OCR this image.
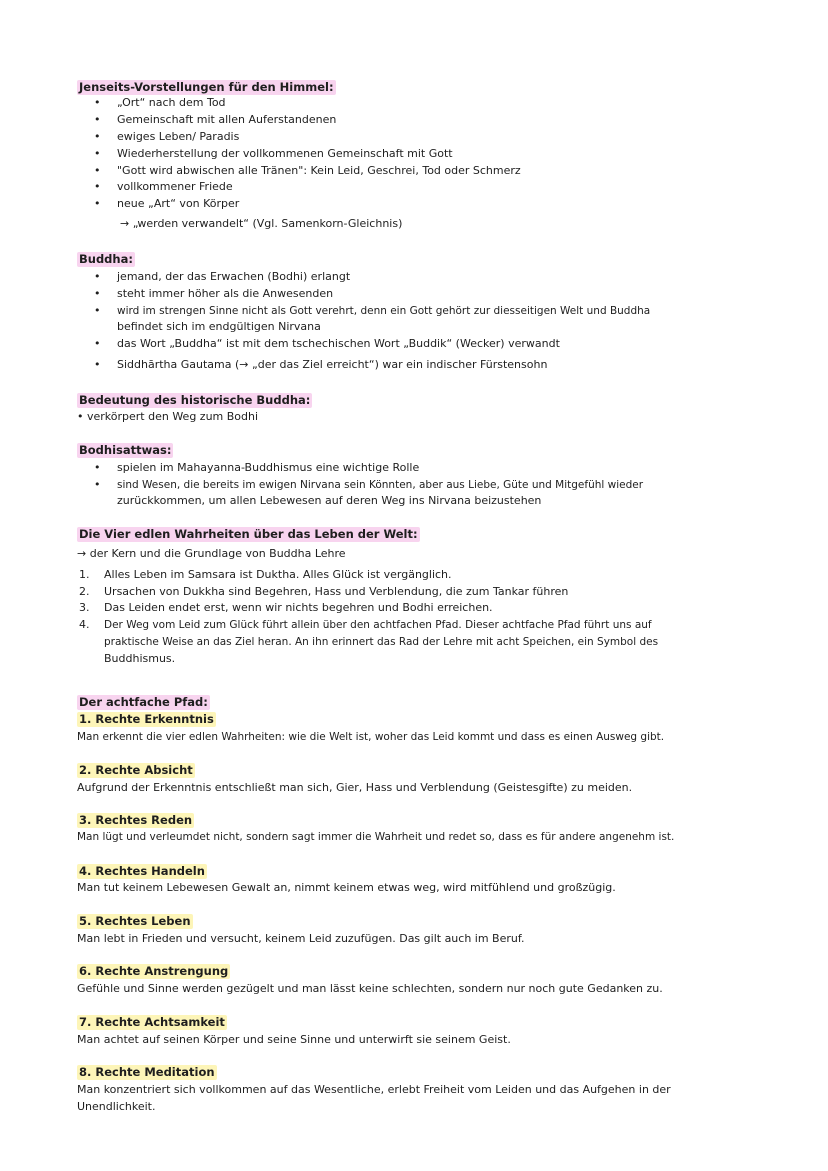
Jenseits-Vorstellungen für den Himmel:
• „Ort“ nach dem Tod
• Gemeinschaft mit allen Auferstandenen
• ewiges Leben/ Paradis
• Wiederherstellung der vollkommenen Gemeinschaft mit Gott
• "Gott wird abwischen alle Tränen": Kein Leid, Geschrei, Tod oder Schmerz
• vollkommener Friede
• neue „Art“ von Körper
→ „werden verwandelt“ (Vgl. Samenkorn-Gleichnis)
Buddha:
• jemand, der das Erwachen (Bodhi) erlangt
• steht immer höher als die Anwesenden
• wird im strengen Sinne nicht als Gott verehrt, denn ein Gott gehört zur diesseitigen Welt und Buddha
befindet sich im endgültigen Nirvana
• das Wort „Buddha“ ist mit dem tschechischen Wort „Buddik“ (Wecker) verwandt
• Siddhārtha Gautama (→ „der das Ziel erreicht“) war ein indischer Fürstensohn
Bedeutung des historische Buddha:
• verkörpert den Weg zum Bodhi
Bodhisattwas:
• spielen im Mahayanna-Buddhismus eine wichtige Rolle
• sind Wesen, die bereits im ewigen Nirvana sein Könnten, aber aus Liebe, Güte und Mitgefühl wieder
zurückkommen, um allen Lebewesen auf deren Weg ins Nirvana beizustehen
Die Vier edlen Wahrheiten über das Leben der Welt:
→ der Kern und die Grundlage von Buddha Lehre
1. Alles Leben im Samsara ist Duktha. Alles Glück ist vergänglich.
2. Ursachen von Dukkha sind Begehren, Hass und Verblendung, die zum Tankar führen
3. Das Leiden endet erst, wenn wir nichts begehren und Bodhi erreichen.
4. Der Weg vom Leid zum Glück führt allein über den achtfachen Pfad. Dieser achtfache Pfad führt uns auf
praktische Weise an das Ziel heran. An ihn erinnert das Rad der Lehre mit acht Speichen, ein Symbol des
Buddhismus.
Der achtfache Pfad:
1. Rechte Erkenntnis
Man erkennt die vier edlen Wahrheiten: wie die Welt ist, woher das Leid kommt und dass es einen Ausweg gibt.
2. Rechte Absicht
Aufgrund der Erkenntnis entschließt man sich, Gier, Hass und Verblendung (Geistesgifte) zu meiden.
3. Rechtes Reden
Man lügt und verleumdet nicht, sondern sagt immer die Wahrheit und redet so, dass es für andere angenehm ist.
4. Rechtes Handeln
Man tut keinem Lebewesen Gewalt an, nimmt keinem etwas weg, wird mitfühlend und großzügig.
5. Rechtes Leben
Man lebt in Frieden und versucht, keinem Leid zuzufügen. Das gilt auch im Beruf.
6. Rechte Anstrengung
Gefühle und Sinne werden gezügelt und man lässt keine schlechten, sondern nur noch gute Gedanken zu.
7. Rechte Achtsamkeit
Man achtet auf seinen Körper und seine Sinne und unterwirft sie seinem Geist.
8. Rechte Meditation
Man konzentriert sich vollkommen auf das Wesentliche, erlebt Freiheit vom Leiden und das Aufgehen in der
Unendlichkeit.
